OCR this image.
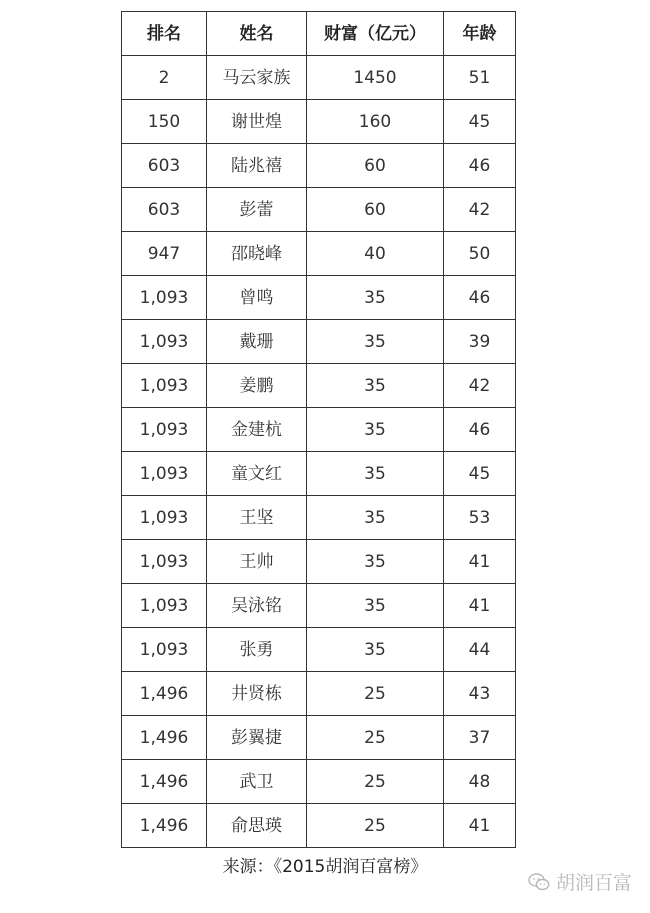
排名	姓名	财富（亿元）	年龄
2	马云家族	1450	51
150	谢世煌	160	45
603	陆兆禧	60	46
603	彭蕾	60	42
947	邵晓峰	40	50
1,093	曾鸣	35	46
1,093	戴珊	35	39
1,093	姜鹏	35	42
1,093	金建杭	35	46
1,093	童文红	35	45
1,093	王坚	35	53
1,093	王帅	35	41
1,093	吴泳铭	35	41
1,093	张勇	35	44
1,496	井贤栋	25	43
1,496	彭翼捷	25	37
1,496	武卫	25	48
1,496	俞思瑛	25	41
来源：《2015胡润百富榜》
胡润百富
